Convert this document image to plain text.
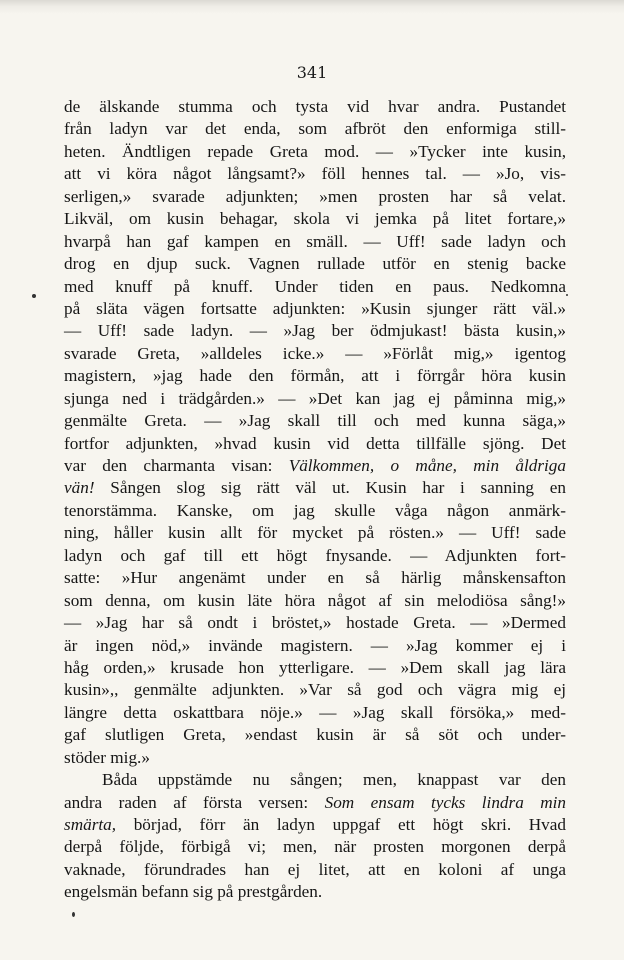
341
de älskande stumma och tysta vid hvar andra. Pustandet
från ladyn var det enda, som afbröt den enformiga still-
heten. Ändtligen repade Greta mod. — »Tycker inte kusin,
att vi köra något långsamt?» föll hennes tal. — »Jo, vis-
serligen,» svarade adjunkten; »men prosten har så velat.
Likväl, om kusin behagar, skola vi jemka på litet fortare,»
hvarpå han gaf kampen en smäll. — Uff! sade ladyn och
drog en djup suck. Vagnen rullade utför en stenig backe
med knuff på knuff. Under tiden en paus. Nedkomna
på släta vägen fortsatte adjunkten: »Kusin sjunger rätt väl.»
— Uff! sade ladyn. — »Jag ber ödmjukast! bästa kusin,»
svarade Greta, »alldeles icke.» — »Förlåt mig,» igentog
magistern, »jag hade den förmån, att i förrgår höra kusin
sjunga ned i trädgården.» — »Det kan jag ej påminna mig,»
genmälte Greta. — »Jag skall till och med kunna säga,»
fortfor adjunkten, »hvad kusin vid detta tillfälle sjöng. Det
var den charmanta visan: Välkommen, o måne, min åldriga
vän! Sången slog sig rätt väl ut. Kusin har i sanning en
tenorstämma. Kanske, om jag skulle våga någon anmärk-
ning, håller kusin allt för mycket på rösten.» — Uff! sade
ladyn och gaf till ett högt fnysande. — Adjunkten fort-
satte: »Hur angenämt under en så härlig månskensafton
som denna, om kusin läte höra något af sin melodiösa sång!»
— »Jag har så ondt i bröstet,» hostade Greta. — »Dermed
är ingen nöd,» invände magistern. — »Jag kommer ej i
håg orden,» krusade hon ytterligare. — »Dem skall jag lära
kusin»,, genmälte adjunkten. »Var så god och vägra mig ej
längre detta oskattbara nöje.» — »Jag skall försöka,» med-
gaf slutligen Greta, »endast kusin är så söt och under-
stöder mig.»
Båda uppstämde nu sången; men, knappast var den
andra raden af första versen: Som ensam tycks lindra min
smärta, börjad, förr än ladyn uppgaf ett högt skri. Hvad
derpå följde, förbigå vi; men, när prosten morgonen derpå
vaknade, förundrades han ej litet, att en koloni af unga
engelsmän befann sig på prestgården.
